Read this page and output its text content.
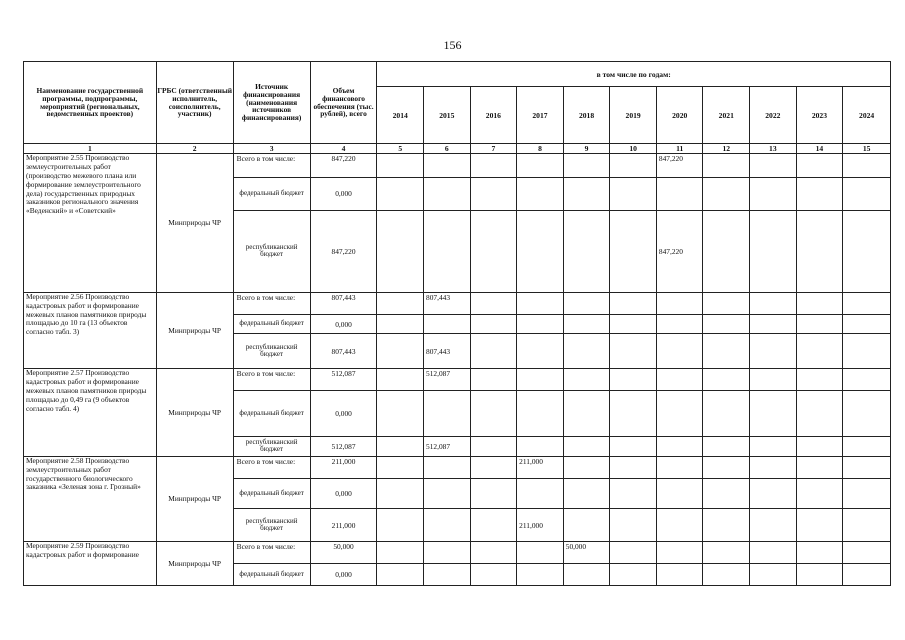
156
Наименование государственной программы, подпрограммы, мероприятий (региональных, ведомственных проектов)	ГРБС (ответственный исполнитель, соисполнитель, участник)	Источник финансирования (наименования источников финансирования)	Объем финансового обеспечения (тыс. рублей), всего	в том числе по годам:										
				2014	2015	2016	2017	2018	2019	2020	2021	2022	2023	2024
1	2	3	4	5	6	7	8	9	10	11	12	13	14	15
Мероприятие 2.55 Производство землеустроительных работ (производство межевого плана или формирование землеустроительного дела) государственных природных заказников регионального значения «Веденский» и «Советский»	Минприроды ЧР	Всего в том числе:	847,220							847,220				
		федеральный бюджет	0,000											
		республиканский бюджет	847,220							847,220				
Мероприятие 2.56 Производство кадастровых работ и формирование межевых планов памятников природы площадью до 10 га (13 объектов согласно табл. 3)	Минприроды ЧР	Всего в том числе:	807,443		807,443									
		федеральный бюджет	0,000											
		республиканский бюджет	807,443		807,443									
Мероприятие 2.57 Производство кадастровых работ и формирование межевых планов памятников природы площадью до 0,49 га (9 объектов согласно табл. 4)	Минприроды ЧР	Всего в том числе:	512,087		512,087									
		федеральный бюджет	0,000											
		республиканский бюджет	512,087		512,087									
Мероприятие 2.58 Производство землеустроительных работ государственного биологического заказника «Зеленая зона г. Грозный»	Минприроды ЧР	Всего в том числе:	211,000				211,000							
		федеральный бюджет	0,000											
		республиканский бюджет	211,000				211,000							
Мероприятие 2.59 Производство кадастровых работ и формирование	Минприроды ЧР	Всего в том числе:	50,000					50,000						
		федеральный бюджет	0,000											
